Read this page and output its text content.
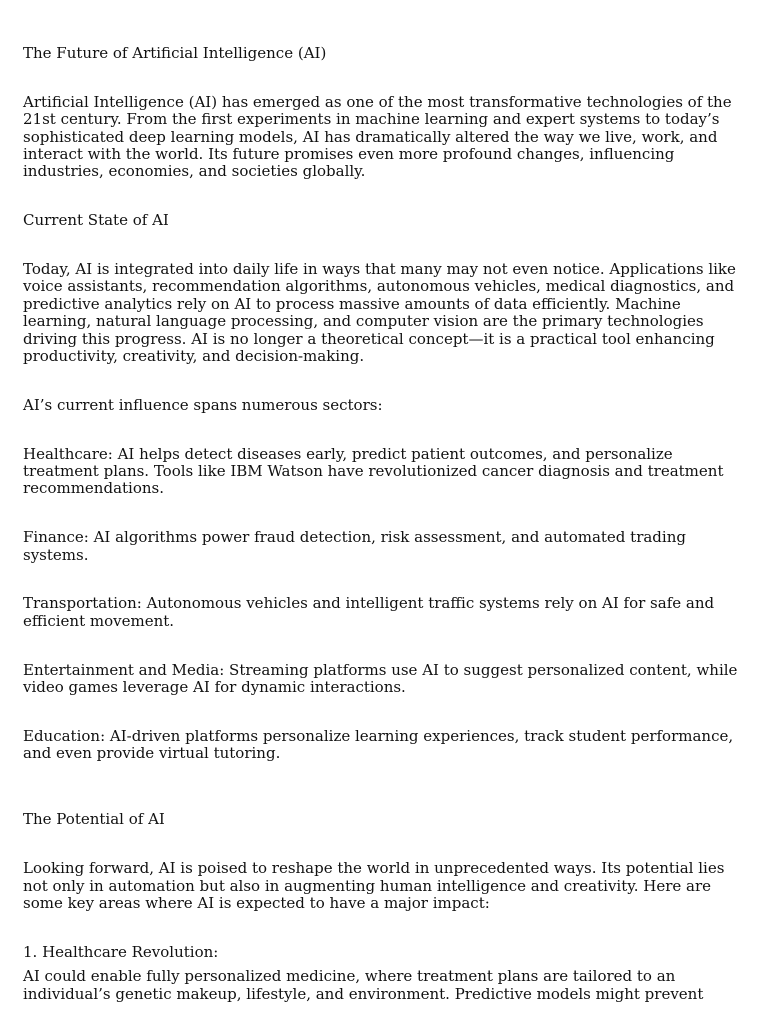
The Future of Artificial Intelligence (AI)

Artificial Intelligence (AI) has emerged as one of the most transformative technologies of the 21st century. From the first experiments in machine learning and expert systems to today’s sophisticated deep learning models, AI has dramatically altered the way we live, work, and interact with the world. Its future promises even more profound changes, influencing industries, economies, and societies globally.

Current State of AI

Today, AI is integrated into daily life in ways that many may not even notice. Applications like voice assistants, recommendation algorithms, autonomous vehicles, medical diagnostics, and predictive analytics rely on AI to process massive amounts of data efficiently. Machine learning, natural language processing, and computer vision are the primary technologies driving this progress. AI is no longer a theoretical concept—it is a practical tool enhancing productivity, creativity, and decision-making.

AI’s current influence spans numerous sectors:

Healthcare: AI helps detect diseases early, predict patient outcomes, and personalize treatment plans. Tools like IBM Watson have revolutionized cancer diagnosis and treatment recommendations.

Finance: AI algorithms power fraud detection, risk assessment, and automated trading systems.

Transportation: Autonomous vehicles and intelligent traffic systems rely on AI for safe and efficient movement.

Entertainment and Media: Streaming platforms use AI to suggest personalized content, while video games leverage AI for dynamic interactions.

Education: AI-driven platforms personalize learning experiences, track student performance, and even provide virtual tutoring.

The Potential of AI

Looking forward, AI is poised to reshape the world in unprecedented ways. Its potential lies not only in automation but also in augmenting human intelligence and creativity. Here are some key areas where AI is expected to have a major impact:

1. Healthcare Revolution:

AI could enable fully personalized medicine, where treatment plans are tailored to an individual’s genetic makeup, lifestyle, and environment. Predictive models might prevent
